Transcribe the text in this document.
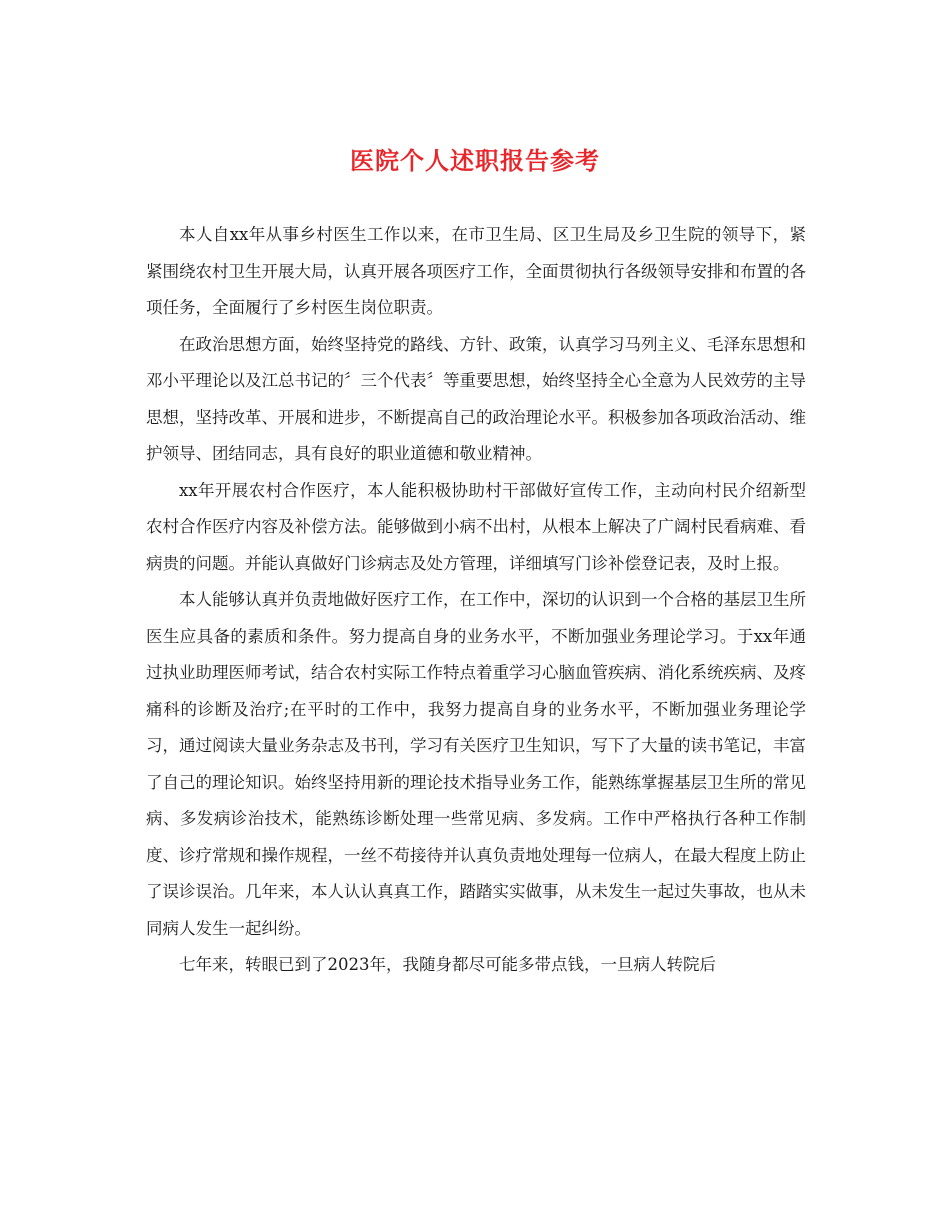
医院个人述职报告参考

本人自xx年从事乡村医生工作以来，在市卫生局、区卫生局及乡卫生院的领导下，紧紧围绕农村卫生开展大局，认真开展各项医疗工作，全面贯彻执行各级领导安排和布置的各项任务，全面履行了乡村医生岗位职责。

在政治思想方面，始终坚持党的路线、方针、政策，认真学习马列主义、毛泽东思想和邓小平理论以及江总书记的〞三个代表〞等重要思想，始终坚持全心全意为人民效劳的主导思想，坚持改革、开展和进步，不断提高自己的政治理论水平。积极参加各项政治活动、维护领导、团结同志，具有良好的职业道德和敬业精神。

xx年开展农村合作医疗，本人能积极协助村干部做好宣传工作，主动向村民介绍新型农村合作医疗内容及补偿方法。能够做到小病不出村，从根本上解决了广阔村民看病难、看病贵的问题。并能认真做好门诊病志及处方管理，详细填写门诊补偿登记表，及时上报。

本人能够认真并负责地做好医疗工作，在工作中，深切的认识到一个合格的基层卫生所医生应具备的素质和条件。努力提高自身的业务水平，不断加强业务理论学习。于xx年通过执业助理医师考试，结合农村实际工作特点着重学习心脑血管疾病、消化系统疾病、及疼痛科的诊断及治疗;在平时的工作中，我努力提高自身的业务水平，不断加强业务理论学习，通过阅读大量业务杂志及书刊，学习有关医疗卫生知识，写下了大量的读书笔记，丰富了自己的理论知识。始终坚持用新的理论技术指导业务工作，能熟练掌握基层卫生所的常见病、多发病诊治技术，能熟练诊断处理一些常见病、多发病。工作中严格执行各种工作制度、诊疗常规和操作规程，一丝不苟接待并认真负责地处理每一位病人，在最大程度上防止了误诊误治。几年来，本人认认真真工作，踏踏实实做事，从未发生一起过失事故，也从未同病人发生一起纠纷。

七年来，转眼已到了2023年，我随身都尽可能多带点钱，一旦病人转院后
